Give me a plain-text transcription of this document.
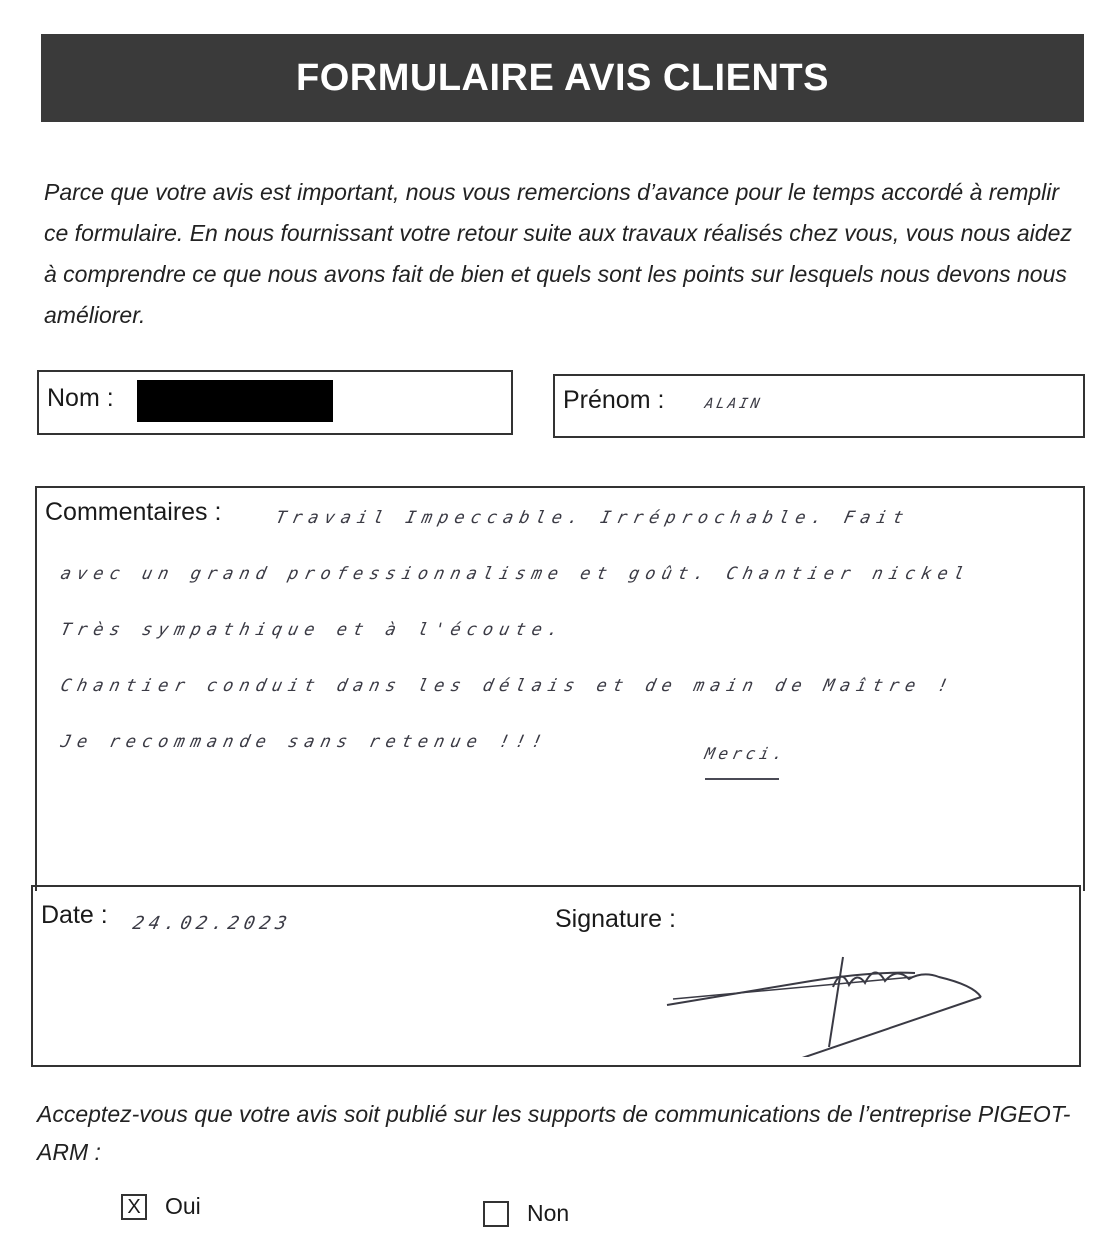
FORMULAIRE AVIS CLIENTS

Parce que votre avis est important, nous vous remercions d’avance pour le temps accordé à remplir ce formulaire. En nous fournissant votre retour suite aux travaux réalisés chez vous, vous nous aidez à comprendre ce que nous avons fait de bien et quels sont les points sur lesquels nous devons nous améliorer.

Nom :	Prénom :	ALAIN
Commentaires :	Travail Impeccable. Irréprochable. Fait
avec un grand professionnalisme et goût. Chantier nickel
Très sympathique et à l'écoute.
Chantier conduit dans les délais et de main de Maître !
Je recommande sans retenue !!!
Merci.
Date : 24.02.2023	Signature :

Acceptez-vous que votre avis soit publié sur les supports de communications de l’entreprise PIGEOT-ARM :

X Oui	Non
